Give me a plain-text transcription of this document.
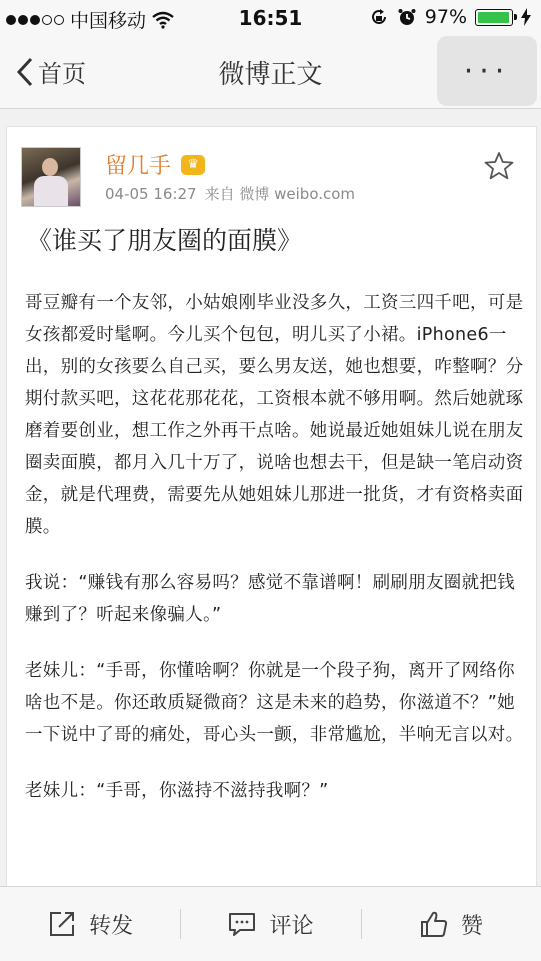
中国移动	16:51	97%
首页	微博正文	···
留几手	♛
04-05 16:27 来自 微博 weibo.com
《谁买了朋友圈的面膜》

哥豆瓣有一个友邻，小姑娘刚毕业没多久，工资三四千吧，可是女孩都爱时髦啊。今儿买个包包，明儿买了小裙。iPhone6一出，别的女孩要么自己买，要么男友送，她也想要，咋整啊？分期付款买吧，这花花那花花，工资根本就不够用啊。然后她就琢磨着要创业，想工作之外再干点啥。她说最近她姐妹儿说在朋友圈卖面膜，都月入几十万了，说啥也想去干，但是缺一笔启动资金，就是代理费，需要先从她姐妹儿那进一批货，才有资格卖面膜。

我说：“赚钱有那么容易吗？感觉不靠谱啊！刷刷朋友圈就把钱赚到了？听起来像骗人。”

老妹儿：“手哥，你懂啥啊？你就是一个段子狗，离开了网络你啥也不是。你还敢质疑微商？这是未来的趋势，你滋道不？”她一下说中了哥的痛处，哥心头一颤，非常尴尬，半响无言以对。

老妹儿：“手哥，你滋持不滋持我啊？”

转发	评论	赞
